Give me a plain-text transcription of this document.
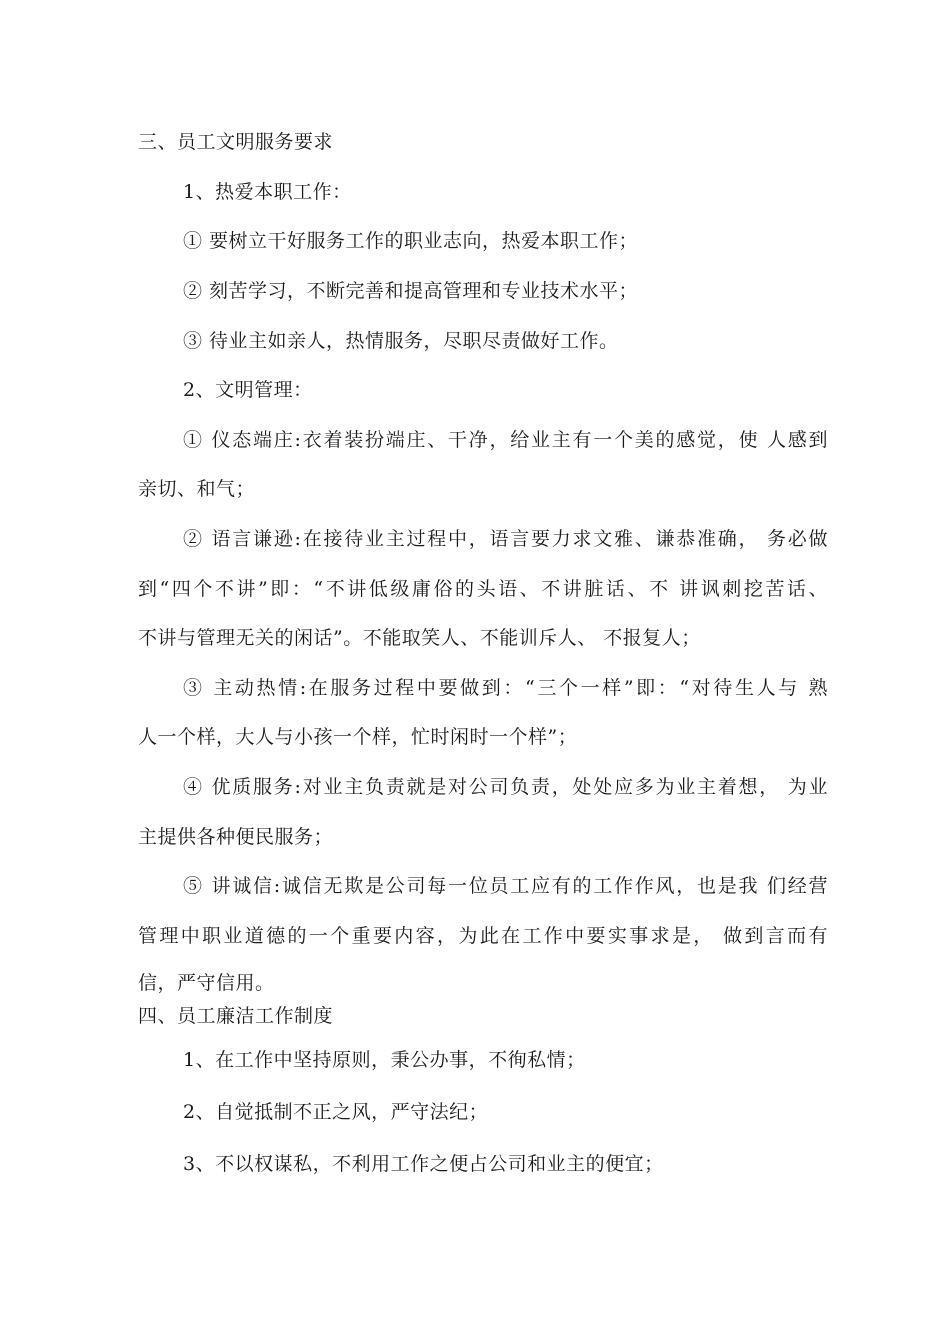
三、员工文明服务要求
1、热爱本职工作：
① 要树立干好服务工作的职业志向，热爱本职工作；
② 刻苦学习，不断完善和提高管理和专业技术水平；
③ 待业主如亲人，热情服务，尽职尽责做好工作。
2、文明管理：
① 仪态端庄:衣着装扮端庄、干净，给业主有一个美的感觉，使 人感到
亲切、和气；
② 语言谦逊:在接待业主过程中，语言要力求文雅、谦恭准确， 务必做
到“四个不讲”即：“不讲低级庸俗的头语、不讲脏话、不 讲讽刺挖苦话、
不讲与管理无关的闲话”。不能取笑人、不能训斥人、 不报复人；
③ 主动热情:在服务过程中要做到：“三个一样”即：“对待生人与 熟
人一个样，大人与小孩一个样，忙时闲时一个样”；
④ 优质服务:对业主负责就是对公司负责，处处应多为业主着想， 为业
主提供各种便民服务；
⑤ 讲诚信:诚信无欺是公司每一位员工应有的工作作风，也是我 们经营
管理中职业道德的一个重要内容，为此在工作中要实事求是， 做到言而有
信，严守信用。
四、员工廉洁工作制度
1、在工作中坚持原则，秉公办事，不徇私情；
2、自觉抵制不正之风，严守法纪；
3、不以权谋私，不利用工作之便占公司和业主的便宜；
